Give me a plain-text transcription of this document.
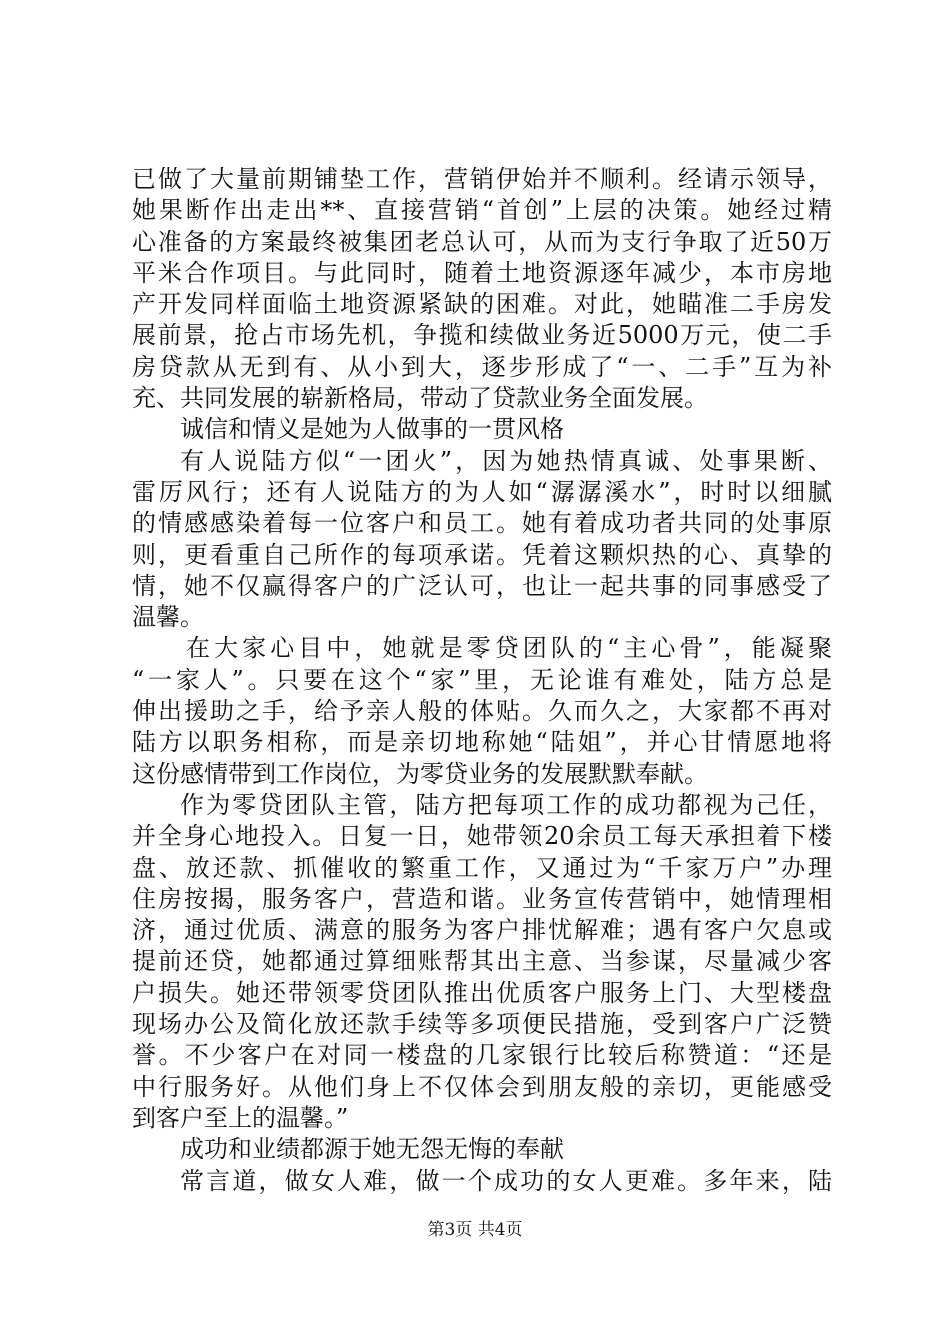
已做了大量前期铺垫工作，营销伊始并不顺利。经请示领导，
她果断作出走出**、直接营销“首创”上层的决策。她经过精
心准备的方案最终被集团老总认可，从而为支行争取了近50万
平米合作项目。与此同时，随着土地资源逐年减少，本市房地
产开发同样面临土地资源紧缺的困难。对此，她瞄准二手房发
展前景，抢占市场先机，争揽和续做业务近5000万元，使二手
房贷款从无到有、从小到大，逐步形成了“一、二手”互为补
充、共同发展的崭新格局，带动了贷款业务全面发展。
诚信和情义是她为人做事的一贯风格
有人说陆方似“一团火”，因为她热情真诚、处事果断、
雷厉风行；还有人说陆方的为人如“潺潺溪水”，时时以细腻
的情感感染着每一位客户和员工。她有着成功者共同的处事原
则，更看重自己所作的每项承诺。凭着这颗炽热的心、真挚的
情，她不仅赢得客户的广泛认可，也让一起共事的同事感受了
温馨。
在大家心目中，她就是零贷团队的“主心骨”，能凝聚
“一家人”。只要在这个“家”里，无论谁有难处，陆方总是
伸出援助之手，给予亲人般的体贴。久而久之，大家都不再对
陆方以职务相称，而是亲切地称她“陆姐”，并心甘情愿地将
这份感情带到工作岗位，为零贷业务的发展默默奉献。
作为零贷团队主管，陆方把每项工作的成功都视为己任，
并全身心地投入。日复一日，她带领20余员工每天承担着下楼
盘、放还款、抓催收的繁重工作，又通过为“千家万户”办理
住房按揭，服务客户，营造和谐。业务宣传营销中，她情理相
济，通过优质、满意的服务为客户排忧解难；遇有客户欠息或
提前还贷，她都通过算细账帮其出主意、当参谋，尽量减少客
户损失。她还带领零贷团队推出优质客户服务上门、大型楼盘
现场办公及简化放还款手续等多项便民措施，受到客户广泛赞
誉。不少客户在对同一楼盘的几家银行比较后称赞道：“还是
中行服务好。从他们身上不仅体会到朋友般的亲切，更能感受
到客户至上的温馨。”
成功和业绩都源于她无怨无悔的奉献
常言道，做女人难，做一个成功的女人更难。多年来，陆
第3页 共4页
